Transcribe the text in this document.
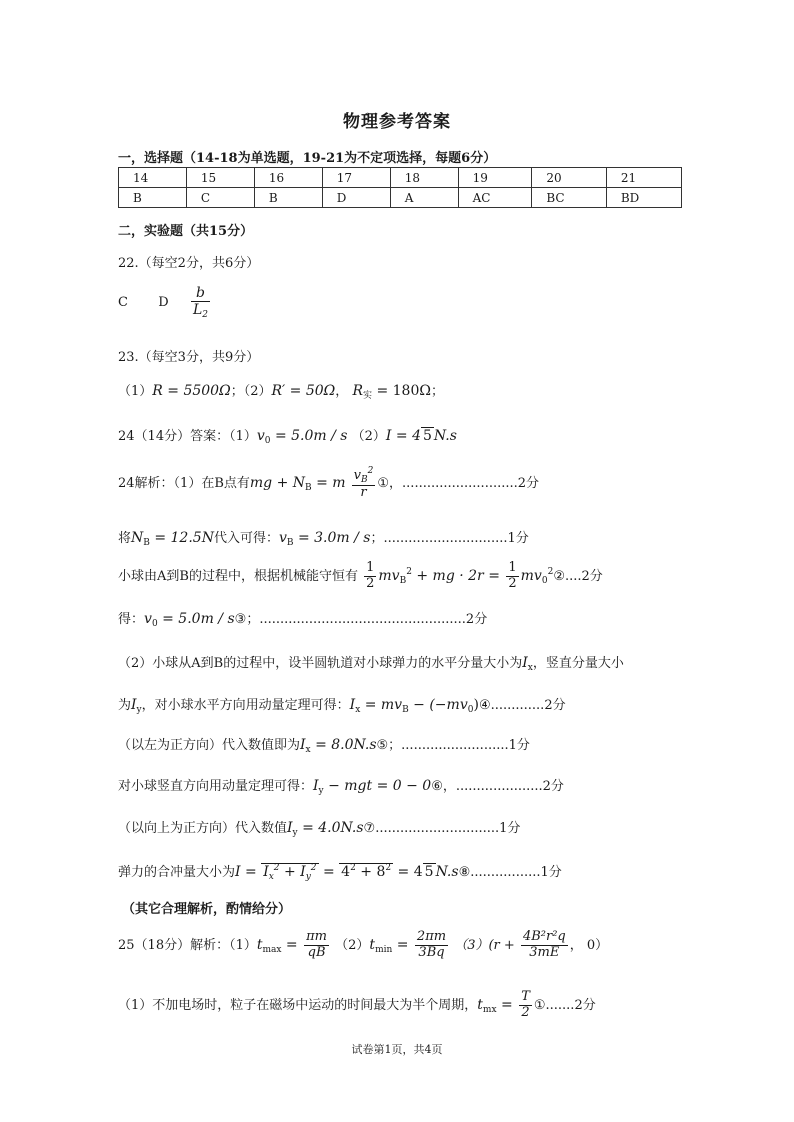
物理参考答案
一，选择题（14-18为单选题，19-21为不定项选择，每题6分）
14	15	16	17	18	19	20	21
B	C	B	D	A	AC	BC	BD
二，实验题（共15分）
22.（每空2分，共6分）
C D $\frac{b}{L_2}$
23.（每空3分，共9分）
（1）R = 5500Ω；（2）R′ = 50Ω， $R_实 = 180\Omega$；
24（14分）答案：$(1)v_0 = 5.0m / s$ （2）I = 4 5 N.s
24解析：（1）在B点有mg + $N_B = m \frac{v_B^2}{r}$ ①，............................2分
将$N_B = 12.5N$代入可得：$v_B = 3.0m / s$；..............................1分
小球由A到B的过程中，根据机械能守恒有 $\frac{1}{2} mv_B^2$ + mg · $2r = \frac{1}{2}$ $mv_0^2②....2$分
得：$v_0 = 5.0m$ / s③；..................................................2分
（2）小球从A到B的过程中，设半圆轨道对小球弹力的水平分量大小为$I_x$，竖直分量大小
为$I_y$，对小球水平方向用动量定理可得：$I_x = mv_B$ − $(-mv_0)④.............2$分
（以左为正方向）代入数值即为$I_x$ = 8.0N.s⑤；..........................1分
对小球竖直方向用动量定理可得：$I_y$ − mgt = 0 − 0⑥，.....................2分
（以向上为正方向）代入数值$I_y$ = 4.0N.s⑦..............................1分
弹力的合冲量大小为$I = I_x^2 + I_y^2 = 4^2 + 8^2 = 4$ 5 N.s⑧.................1分
（其它合理解析，酌情给分）
25（18分）解析：$(1)t_{max} = \frac{\pi m}{qB} (2)t_{min} = \frac{2\pi m}{3Bq} (3)(r + \frac{\text{4B²r²q}}{3mE}$ ， 0）
（1）不加电场时，粒子在磁场中运动的时间最大为半个周期，$t_{mx} = \frac{T}{2}$ ①.......2分
试卷第1页，共4页
